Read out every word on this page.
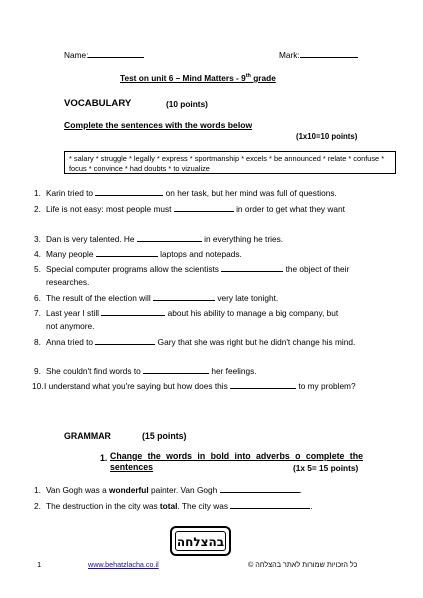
Name:	Mark:
Test on unit 6 – Mind Matters - 9th grade
VOCABULARY	(10 points)
Complete the sentences with the words below
(1x10=10 points)
* salary * struggle * legally * express * sportmanship * excels * be announced * relate * confuse * focus * convince * had doubts * to vizualize
1. Karin tried to	on her task, but her mind was full of questions.
2. Life is not easy: most people must	in order to get what they want
3. Dan is very talented. He	in everything he tries.
4. Many people	laptops and notepads.
5. Special computer programs allow the scientists	the object of their researches.
6. The result of the election will	very late tonight.
7. Last year I still	about his ability to manage a big company, but not anymore.
8. Anna tried to	Gary that she was right but he didn't change his mind.
9. She couldn't find words to	her feelings.
10. I understand what you're saying but how does this	to my problem?
GRAMMAR	(15 points)
1. Change the words in bold into adverbs o complete the sentences	(1x 5= 15 points)
1. Van Gogh was a wonderful painter. Van Gogh	.
2. The destruction in the city was total. The city was	.
בהצלחה
1	www.behatzlacha.co.il	כל הזכויות שמורות לאתר בהצלחה ©
